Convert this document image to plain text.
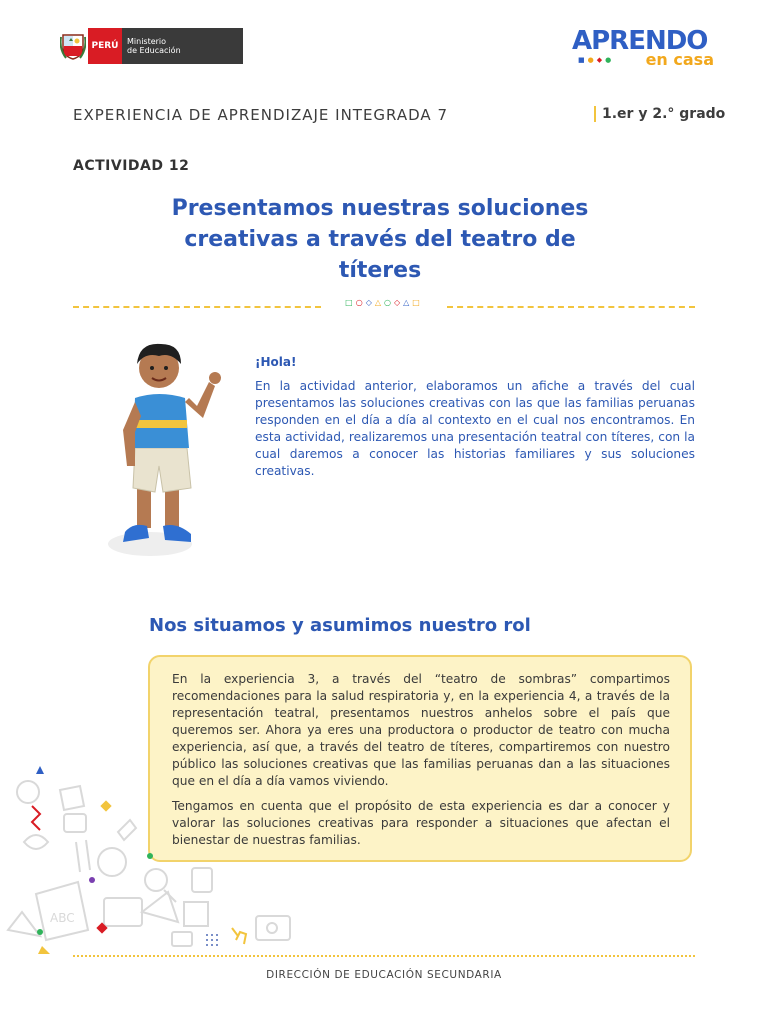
PERÚ	Ministerio
de Educación	APRENDO
■●◆● en casa
EXPERIENCIA DE APRENDIZAJE INTEGRADA 7	1.er y 2.° grado
ACTIVIDAD 12
Presentamos nuestras soluciones creativas a través del teatro de títeres
□○◇△○◇△□
¡Hola!
En la actividad anterior, elaboramos un afiche a través del cual presentamos las soluciones creativas con las que las familias peruanas responden en el día a día al contexto en el cual nos encontramos. En esta actividad, realizaremos una presentación teatral con títeres, con la cual daremos a conocer las historias familiares y sus soluciones creativas.
Nos situamos y asumimos nuestro rol

En la experiencia 3, a través del “teatro de sombras” compartimos recomendaciones para la salud respiratoria y, en la experiencia 4, a través de la representación teatral, presentamos nuestros anhelos sobre el país que queremos ser. Ahora ya eres una productora o productor de teatro con mucha experiencia, así que, a través del teatro de títeres, compartiremos con nuestro público las soluciones creativas que las familias peruanas dan a las situaciones que en el día a día vamos viviendo.

Tengamos en cuenta que el propósito de esta experiencia es dar a conocer y valorar las soluciones creativas para responder a situaciones que afectan el bienestar de nuestras familias.

ABC
DIRECCIÓN DE EDUCACIÓN SECUNDARIA
